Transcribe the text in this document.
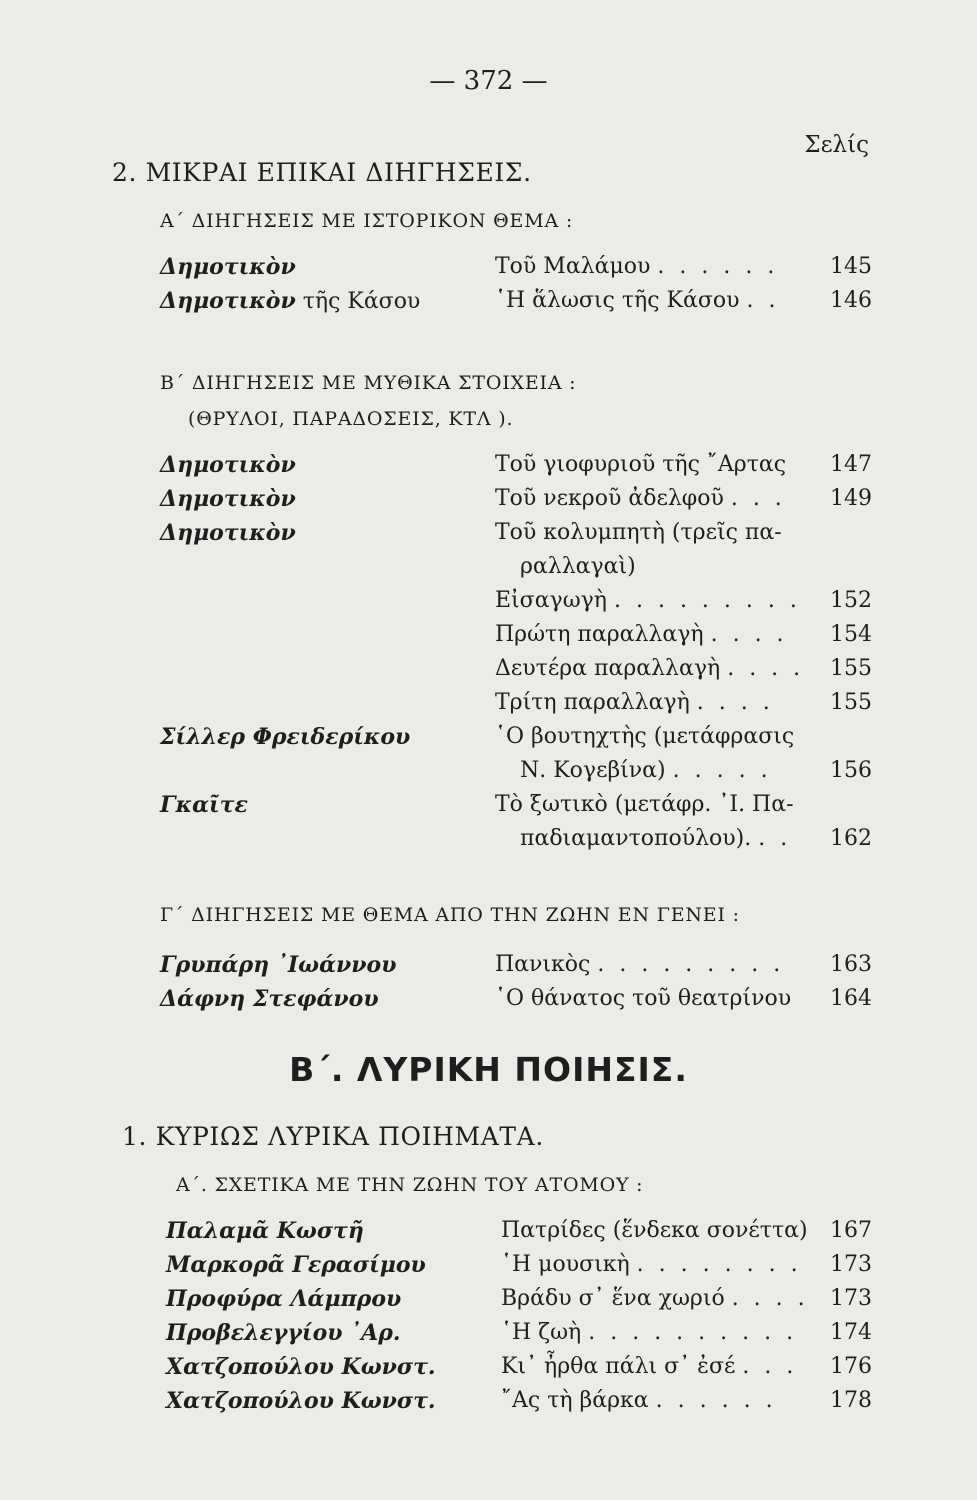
— 372 —
Σελίς
2. ΜΙΚΡΑΙ ΕΠΙΚΑΙ ΔΙΗΓΗΣΕΙΣ.
Α΄ ΔΙΗΓΗΣΕΙΣ ΜΕ ΙΣΤΟΡΙΚΟΝ ΘΕΜΑ :
Δημοτικὸν	Τοῦ Μαλάμου . . . . . . 145
Δημοτικὸν τῆς Κάσου	῾Η ἅλωσις τῆς Κάσου . . 146
Β΄ ΔΙΗΓΗΣΕΙΣ ΜΕ ΜΥΘΙΚΑ ΣΤΟΙΧΕΙΑ :
(ΘΡΥΛΟΙ, ΠΑΡΑΔΟΣΕΙΣ, ΚΤΛ ).
Δημοτικὸν	Τοῦ γιοφυριοῦ τῆς ῎Αρτας 147
Δημοτικὸν	Τοῦ νεκροῦ ἀδελφοῦ . . . 149
Δημοτικὸν	Τοῦ κολυμπητὴ (τρεῖς πα-
ραλλαγαὶ)
Εἰσαγωγὴ . . . . . . . . . 152
Πρώτη παραλλαγὴ . . . . 154
Δευτέρα παραλλαγὴ . . . . 155
Τρίτη παραλλαγὴ . . . .	155
Σίλλερ Φρειδερίκου	῾Ο βουτηχτὴς (μετάφρασις
Ν. Κογεβίνα) . . . . .	156
Γκαῖτε	Τὸ ξωτικὸ (μετάφρ. ᾿Ι. Πα-
παδιαμαντοπούλου). . . 162
Γ΄ ΔΙΗΓΗΣΕΙΣ ΜΕ ΘΕΜΑ ΑΠΟ ΤΗΝ ΖΩΗΝ ΕΝ ΓΕΝΕΙ :
Γρυπάρη ᾿Ιωάννου	Πανικὸς . . . . . . . . . 163
Δάφνη Στεφάνου	῾Ο θάνατος τοῦ θεατρίνου 164
Β΄. ΛΥΡΙΚΗ ΠΟΙΗΣΙΣ.
1. ΚΥΡΙΩΣ ΛΥΡΙΚΑ ΠΟΙΗΜΑΤΑ.
Α΄. ΣΧΕΤΙΚΑ ΜΕ ΤΗΝ ΖΩΗΝ ΤΟΥ ΑΤΟΜΟΥ :
Παλαμᾶ Κωστῆ	Πατρίδες (ἕνδεκα σονέττα) 167
Μαρκορᾶ Γερασίμου	῾Η μουσικὴ . . . . . . . . 173
Προφύρα Λάμπρου	Βράδυ σ᾿ ἕνα χωριό . . . . 173
Προβελεγγίου ᾿Αρ.	῾Η ζωὴ . . . . . . . . . . 174
Χατζοπούλου Κωνστ.	Κι᾿ ἦρθα πάλι σ᾿ ἐσέ . . . 176
Χατζοπούλου Κωνστ.	῎Ας τὴ βάρκα . . . . . . 178
